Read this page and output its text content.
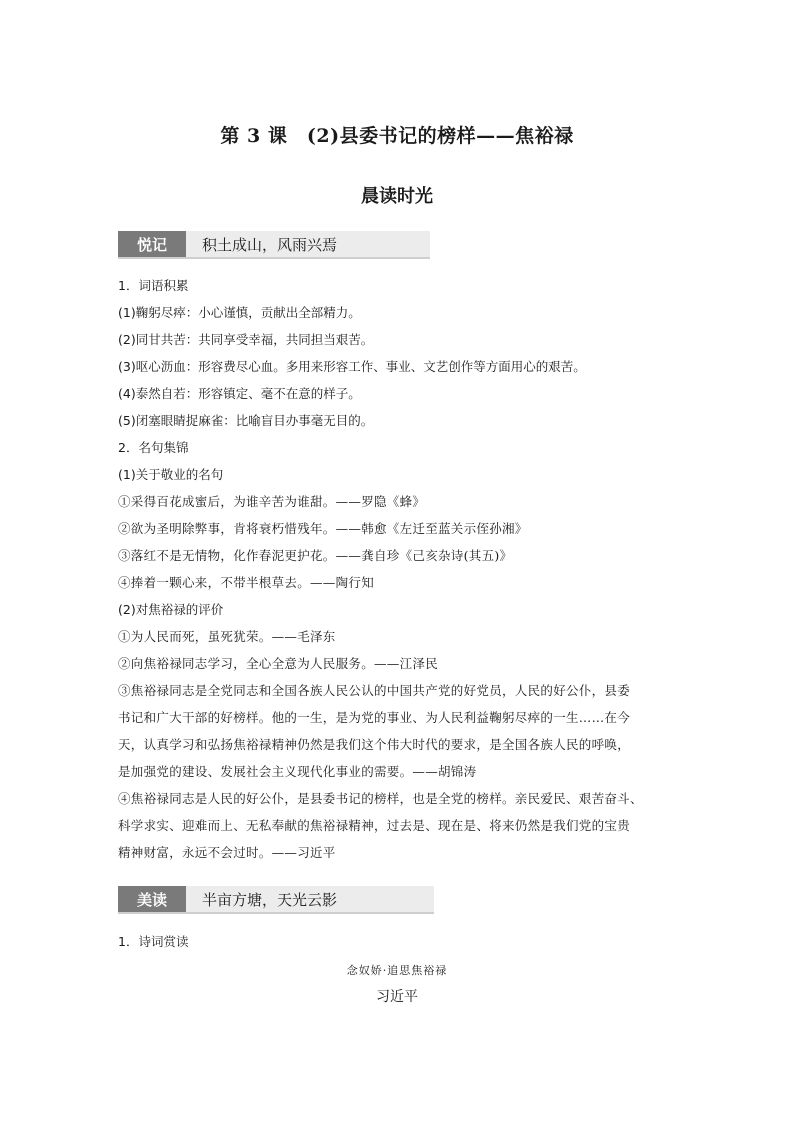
第 3 课　(2)县委书记的榜样——焦裕禄
晨读时光
悦记	积土成山，风雨兴焉

1．词语积累

(1)鞠躬尽瘁：小心谨慎，贡献出全部精力。

(2)同甘共苦：共同享受幸福，共同担当艰苦。

(3)呕心沥血：形容费尽心血。多用来形容工作、事业、文艺创作等方面用心的艰苦。

(4)泰然自若：形容镇定、毫不在意的样子。

(5)闭塞眼睛捉麻雀：比喻盲目办事毫无目的。

2．名句集锦

(1)关于敬业的名句

①采得百花成蜜后，为谁辛苦为谁甜。——罗隐《蜂》

②欲为圣明除弊事，肯将衰朽惜残年。——韩愈《左迁至蓝关示侄孙湘》

③落红不是无情物，化作春泥更护花。——龚自珍《己亥杂诗(其五)》

④捧着一颗心来，不带半根草去。——陶行知

(2)对焦裕禄的评价

①为人民而死，虽死犹荣。——毛泽东

②向焦裕禄同志学习，全心全意为人民服务。——江泽民

③焦裕禄同志是全党同志和全国各族人民公认的中国共产党的好党员，人民的好公仆，县委

书记和广大干部的好榜样。他的一生，是为党的事业、为人民利益鞠躬尽瘁的一生……在今

天，认真学习和弘扬焦裕禄精神仍然是我们这个伟大时代的要求，是全国各族人民的呼唤，

是加强党的建设、发展社会主义现代化事业的需要。——胡锦涛

④焦裕禄同志是人民的好公仆，是县委书记的榜样，也是全党的榜样。亲民爱民、艰苦奋斗、

科学求实、迎难而上、无私奉献的焦裕禄精神，过去是、现在是、将来仍然是我们党的宝贵

精神财富，永远不会过时。——习近平

美读	半亩方塘，天光云影

1．诗词赏读

念奴娇·追思焦裕禄
习近平
